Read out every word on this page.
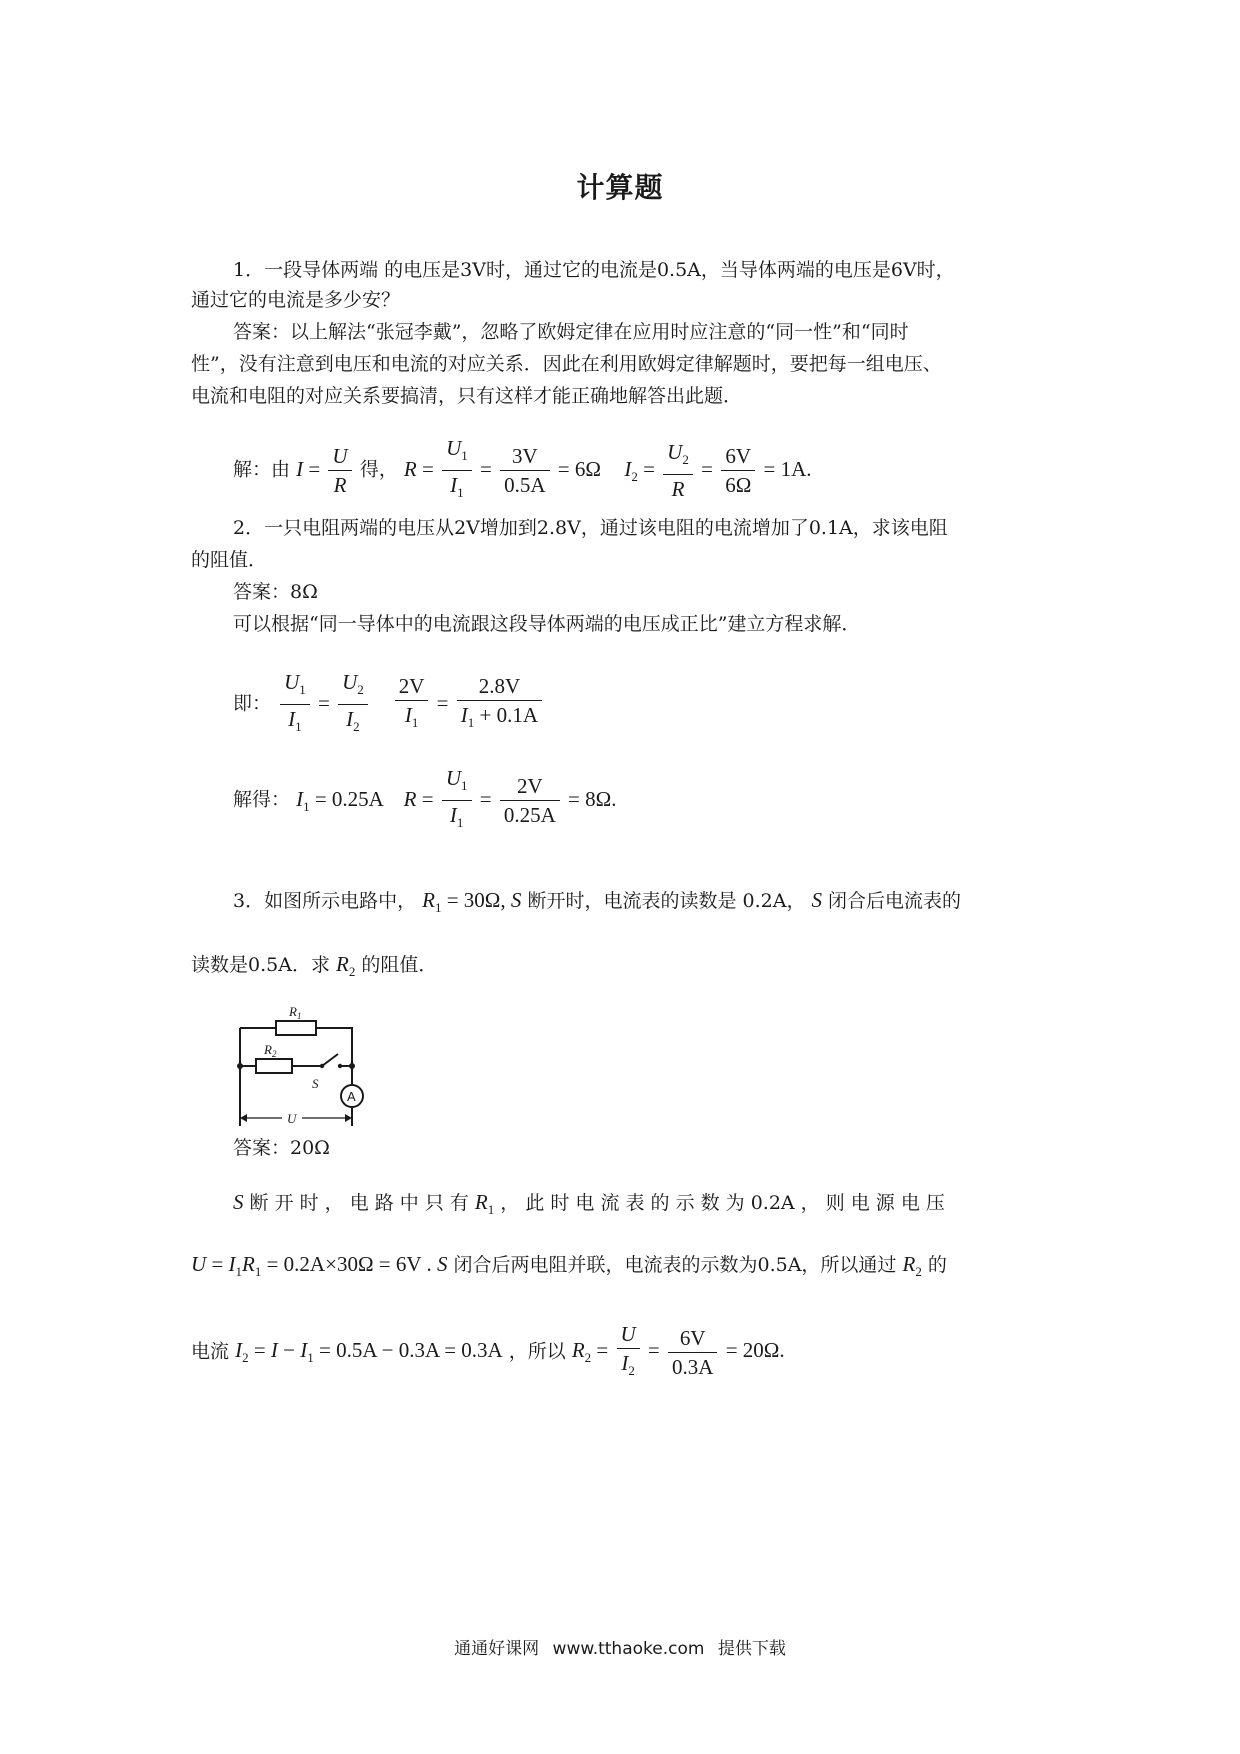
计算题
1．一段导体两端 的电压是3V时，通过它的电流是0.5A，当导体两端的电压是6V时，
通过它的电流是多少安？
答案：以上解法“张冠李戴”，忽略了欧姆定律在应用时应注意的“同一性”和“同时
性”，没有注意到电压和电流的对应关系．因此在利用欧姆定律解题时，要把每一组电压、
电流和电阻的对应关系要搞清，只有这样才能正确地解答出此题．
解：由 $I = \frac{U}{R}$ 得， $R = \frac{U_1}{I_1} = \frac{3V}{0.5A} = 6\Omega$ $I_2 = \frac{U_2}{R} = \frac{6V}{6\Omega} = 1A$.
2．一只电阻两端的电压从2V增加到2.8V，通过该电阻的电流增加了0.1A，求该电阻
的阻值．
答案：8Ω
可以根据“同一导体中的电流跟这段导体两端的电压成正比”建立方程求解．
即： $\frac{U_1}{I_1} = \frac{U_2}{I_2}$
$\frac{2V}{I_1} = \frac{2.8V}{I_1 + 0.1A}$
解得： $I_1 = 0.25A$ $R = \frac{U_1}{I_1} = \frac{2V}{0.25A} = 8\Omega$.
3．如图所示电路中， $R_1 = 30\Omega$, S 断开时，电流表的读数是 0.2A， S 闭合后电流表的
读数是0.5A．求 $R_2$ 的阻值．
$R_1$
$R_2$
S
U
A
答案：20Ω
S 断 开 时 ， 电 路 中 只 有 $R_1$ ， 此 时 电 流 表 的 示 数 为 0.2A ， 则 电 源 电 压
$U = I_1R_1 = 0.2A\times 30\Omega = 6V$ . S 闭合后两电阻并联，电流表的示数为0.5A，所以通过 $R_2$ 的
电流 $I_2 = I - I_1 = 0.5A - 0.3A = 0.3A$ ，所以 $R_2 = \frac{U}{I_2} = \frac{6V}{0.3A} = 20\Omega$.
通通好课网 www.tthaoke.com 提供下载
